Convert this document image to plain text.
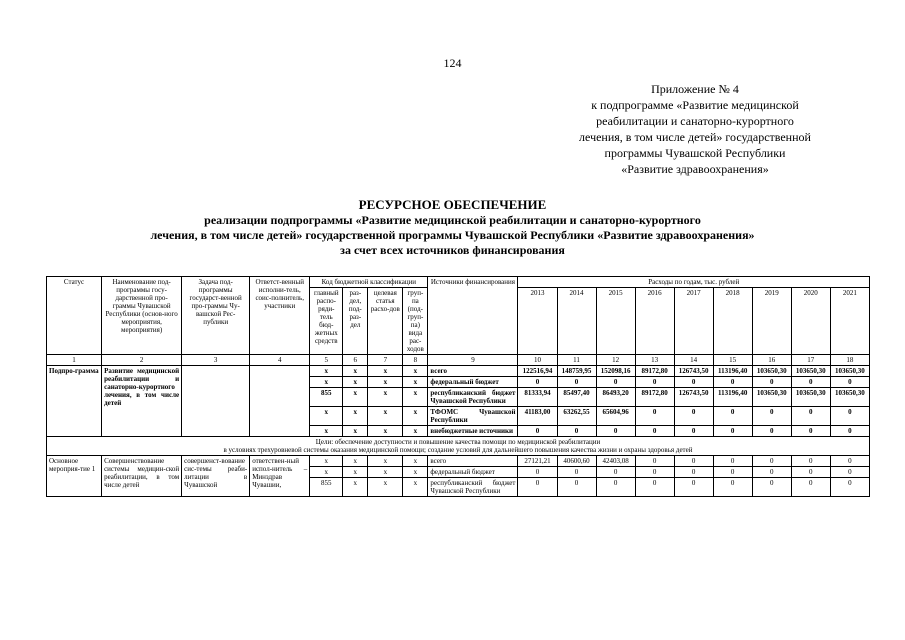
124
Приложение № 4
к подпрограмме «Развитие медицинской
реабилитации и санаторно-курортного
лечения, в том числе детей» государственной
программы Чувашской Республики
«Развитие здравоохранения»
РЕСУРСНОЕ ОБЕСПЕЧЕНИЕ
реализации подпрограммы «Развитие медицинской реабилитации и санаторно-курортного
лечения, в том числе детей» государственной программы Чувашской Республики «Развитие здравоохранения»
за счет всех источников финансирования
Статус	Наименование под-программы госу-дарственной про-граммы Чувашской Республики (основ-ного мероприятия, мероприятия)	Задача под-программы государст-венной про-граммы Чу-вашской Рес-публики	Ответст-венный исполни-тель, соис-полнитель, участники	Код бюджетной классификации				Источники финансирования	Расходы по годам, тыс. рублей								
				главный распо-ряди-тель бюд-жетных средств	раз-дел, под-раз-дел	целевая статья расхо-дов	груп-па (под-груп-па) вида рас-ходов		2013	2014	2015	2016	2017	2018	2019	2020	2021
1	2	3	4	5	6	7	8	9	10	11	12	13	14	15	16	17	18
Подпро-грамма	Развитие медицинской реабилитации и санаторно-курортного лечения, в том числе детей			х	х	х	х	всего	122516,94	148759,95	152098,16	89172,80	126743,50	113196,40	103650,30	103650,30	103650,30
				х	х	х	х	федеральный бюджет	0	0	0	0	0	0	0	0	0
				855	х	х	х	республиканский бюджет Чувашской Республики	81333,94	85497,40	86493,20	89172,80	126743,50	113196,40	103650,30	103650,30	103650,30
				х	х	х	х	ТФОМС Чувашской Республики	41183,00	63262,55	65604,96	0	0	0	0	0	0
				х	х	х	х	внебюджетные источники	0	0	0	0	0	0	0	0	0

Цели: обеспечение доступности и повышение качества помощи по медицинской реабилитации
в условиях трехуровневой системы оказания медицинской помощи; создание условий для дальнейшего повышения качества жизни и охраны здоровья детей																	

Основное мероприя-тие 1	Совершенствование системы медицин-ской реабилитации, в том числе детей	совершенст-вование сис-темы реаби-литации в Чувашской	ответствен-ный испол-нитель – Минздрав Чувашии,	х	х	х	х	всего	27121,21	40600,60	42403,08	0	0	0	0	0	0
				х	х	х	х	федеральный бюджет	0	0	0	0	0	0	0	0	0
				855	х	х	х	республиканский бюджет Чувашской Республики	0	0	0	0	0	0	0	0	0
